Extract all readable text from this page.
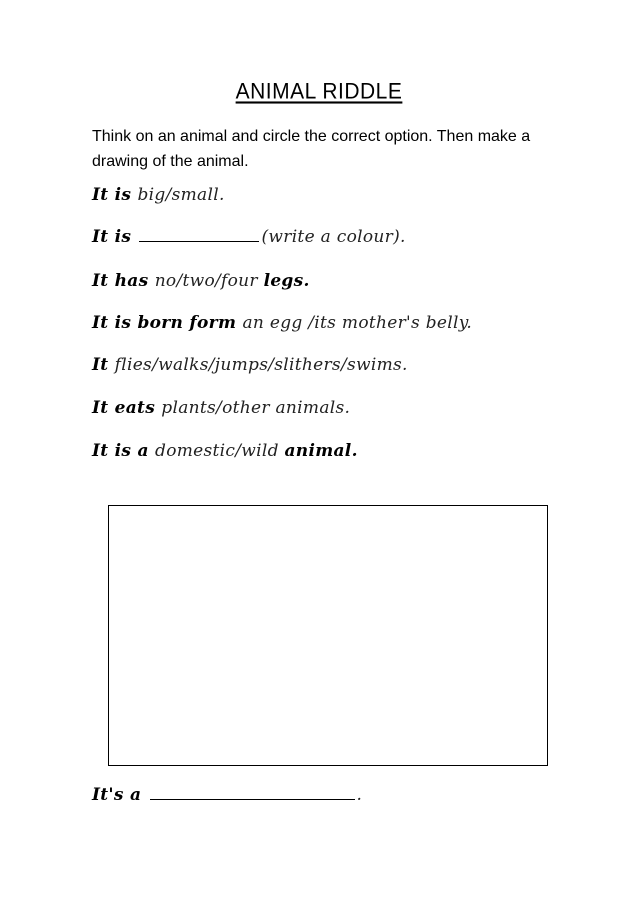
ANIMAL RIDDLE
Think on an animal and circle the correct option. Then make a drawing of the animal.
It is big/small.
It is	(write a colour).
It has no/two/four legs.
It is born form an egg /its mother's belly.
It flies/walks/jumps/slithers/swims.
It eats plants/other animals.
It is a domestic/wild animal.
It's a	.
